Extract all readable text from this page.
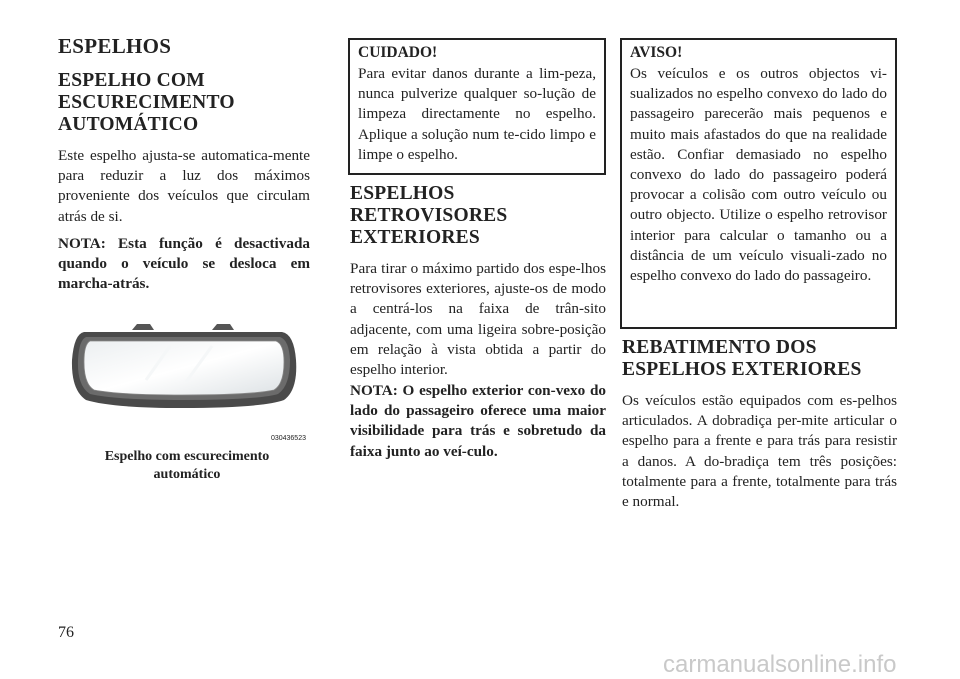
ESPELHOS
ESPELHO COM ESCURECIMENTO AUTOMÁTICO

Este espelho ajusta-se automatica-mente para reduzir a luz dos máximos proveniente dos veículos que circulam atrás de si.

NOTA: Esta função é desactivada quando o veículo se desloca em marcha-atrás.

030436523
Espelho com escurecimento automático

CUIDADO!

Para evitar danos durante a lim-peza, nunca pulverize qualquer so-lução de limpeza directamente no espelho. Aplique a solução num te-cido limpo e limpe o espelho.

ESPELHOS RETROVISORES EXTERIORES

Para tirar o máximo partido dos espe-lhos retrovisores exteriores, ajuste-os de modo a centrá-los na faixa de trân-sito adjacente, com uma ligeira sobre-posição em relação à vista obtida a partir do espelho interior.

NOTA: O espelho exterior con-vexo do lado do passageiro oferece uma maior visibilidade para trás e sobretudo da faixa junto ao veí-culo.

AVISO!

Os veículos e os outros objectos vi-sualizados no espelho convexo do lado do passageiro parecerão mais pequenos e muito mais afastados do que na realidade estão. Confiar demasiado no espelho convexo do lado do passageiro poderá provocar a colisão com outro veículo ou outro objecto. Utilize o espelho retrovisor interior para calcular o tamanho ou a distância de um veículo visuali-zado no espelho convexo do lado do passageiro.

REBATIMENTO DOS ESPELHOS EXTERIORES

Os veículos estão equipados com es-pelhos articulados. A dobradiça per-mite articular o espelho para a frente e para trás para resistir a danos. A do-bradiça tem três posições: totalmente para a frente, totalmente para trás e normal.

76
carmanualsonline.info
